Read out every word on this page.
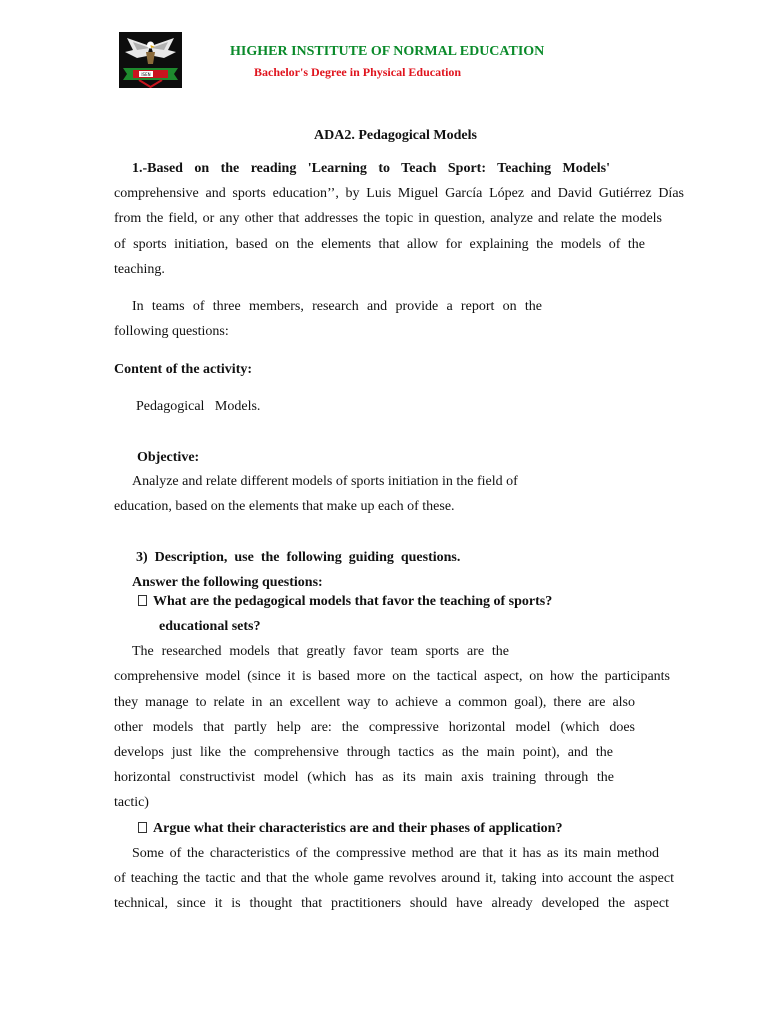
ISEN
HIGHER INSTITUTE OF NORMAL EDUCATION
Bachelor's Degree in Physical Education
ADA2. Pedagogical Models
1.-Based on the reading 'Learning to Teach Sport: Teaching Models'
comprehensive and sports education’’, by Luis Miguel García López and David Gutiérrez Días
from the field, or any other that addresses the topic in question, analyze and relate the models
of sports initiation, based on the elements that allow for explaining the models of the
teaching.
In teams of three members, research and provide a report on the
following questions:
Content of the activity:
Pedagogical   Models.
Objective:
Analyze and relate different models of sports initiation in the field of
education, based on the elements that make up each of these.
3)  Description,  use  the  following  guiding  questions.
Answer the following questions:
What are the pedagogical models that favor the teaching of sports?
educational sets?
The researched models that greatly favor team sports are the
comprehensive model (since it is based more on the tactical aspect, on how the participants
they manage to relate in an excellent way to achieve a common goal), there are also
other models that partly help are: the compressive horizontal model (which does
develops just like the comprehensive through tactics as the main point), and the
horizontal constructivist model (which has as its main axis training through the
tactic)
Argue what their characteristics are and their phases of application?
Some of the characteristics of the compressive method are that it has as its main method
of teaching the tactic and that the whole game revolves around it, taking into account the aspect
technical, since it is thought that practitioners should have already developed the aspect
